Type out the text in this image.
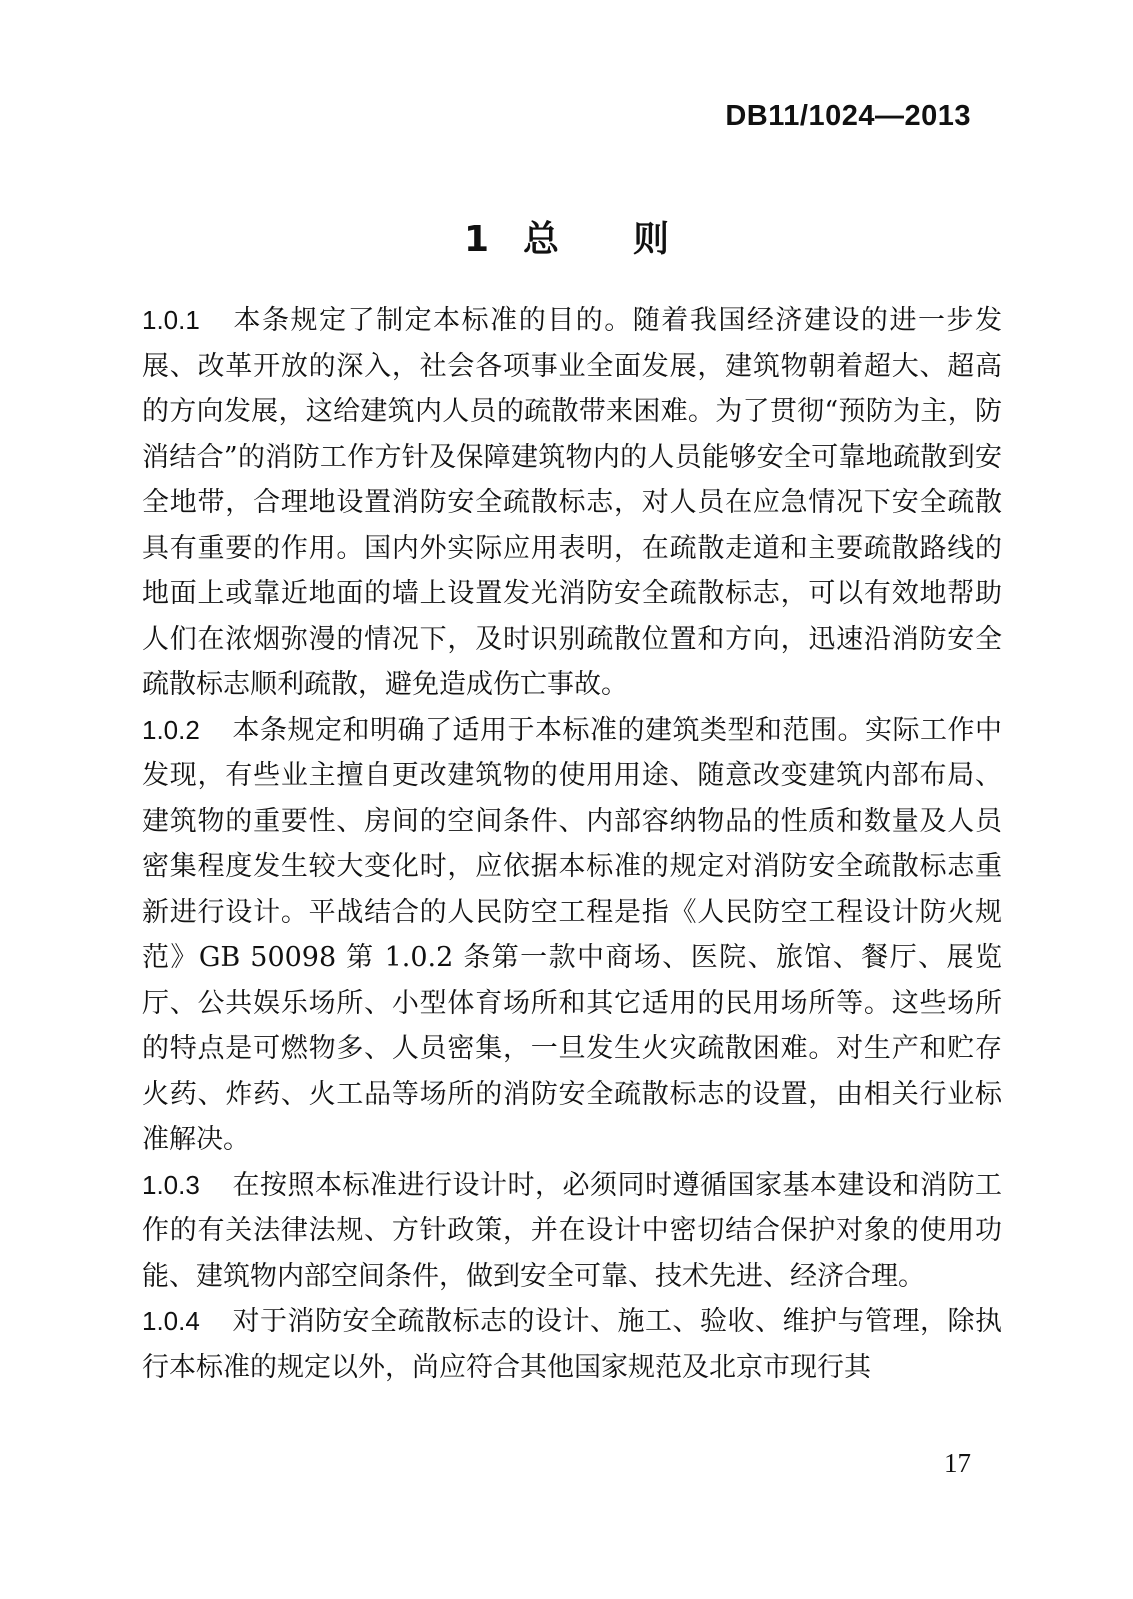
DB11/1024—2013
1 总 则

1.0.1 本条规定了制定本标准的目的。随着我国经济建设的进一步发展、改革开放的深入，社会各项事业全面发展，建筑物朝着超大、超高的方向发展，这给建筑内人员的疏散带来困难。为了贯彻“预防为主，防消结合”的消防工作方针及保障建筑物内的人员能够安全可靠地疏散到安全地带，合理地设置消防安全疏散标志，对人员在应急情况下安全疏散具有重要的作用。国内外实际应用表明，在疏散走道和主要疏散路线的地面上或靠近地面的墙上设置发光消防安全疏散标志，可以有效地帮助人们在浓烟弥漫的情况下，及时识别疏散位置和方向，迅速沿消防安全疏散标志顺利疏散，避免造成伤亡事故。

1.0.2 本条规定和明确了适用于本标准的建筑类型和范围。实际工作中发现，有些业主擅自更改建筑物的使用用途、随意改变建筑内部布局、建筑物的重要性、房间的空间条件、内部容纳物品的性质和数量及人员密集程度发生较大变化时，应依据本标准的规定对消防安全疏散标志重新进行设计。平战结合的人民防空工程是指《人民防空工程设计防火规范》GB 50098 第 1.0.2 条第一款中商场、医院、旅馆、餐厅、展览厅、公共娱乐场所、小型体育场所和其它适用的民用场所等。这些场所的特点是可燃物多、人员密集，一旦发生火灾疏散困难。对生产和贮存火药、炸药、火工品等场所的消防安全疏散标志的设置，由相关行业标准解决。

1.0.3 在按照本标准进行设计时，必须同时遵循国家基本建设和消防工作的有关法律法规、方针政策，并在设计中密切结合保护对象的使用功能、建筑物内部空间条件，做到安全可靠、技术先进、经济合理。

1.0.4 对于消防安全疏散标志的设计、施工、验收、维护与管理，除执行本标准的规定以外，尚应符合其他国家规范及北京市现行其

17
